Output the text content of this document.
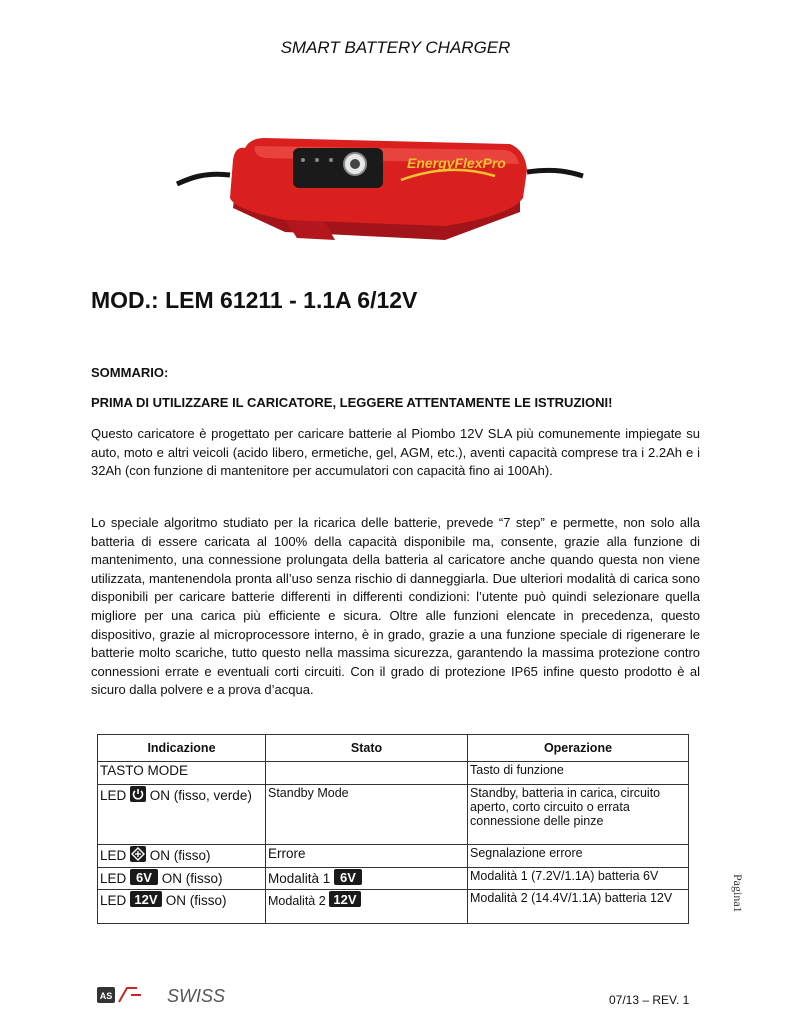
SMART BATTERY CHARGER
EnergyFlexPro
MOD.: LEM 61211 - 1.1A 6/12V
SOMMARIO:
PRIMA DI UTILIZZARE IL CARICATORE, LEGGERE ATTENTAMENTE LE ISTRUZIONI!

Questo caricatore è progettato per caricare batterie al Piombo 12V SLA più comunemente impiegate su auto, moto e altri veicoli (acido libero, ermetiche, gel, AGM, etc.), aventi capacità comprese tra i 2.2Ah e i 32Ah (con funzione di mantenitore per accumulatori con capacità fino ai 100Ah).

Lo speciale algoritmo studiato per la ricarica delle batterie, prevede “7 step” e permette, non solo alla batteria di essere caricata al 100% della capacità disponibile ma, consente, grazie alla funzione di mantenimento, una connessione prolungata della batteria al caricatore anche quando questa non viene utilizzata, mantenendola pronta all’uso senza rischio di danneggiarla. Due ulteriori modalità di carica sono disponibili per caricare batterie differenti in differenti condizioni: l’utente può quindi selezionare quella migliore per una carica più efficiente e sicura. Oltre alle funzioni elencate in precedenza, questo dispositivo, grazie al microprocessore interno, è in grado, grazie a una funzione speciale di rigenerare le batterie molto scariche, tutto questo nella massima sicurezza, garantendo la massima protezione contro connessioni errate e eventuali corti circuiti. Con il grado di protezione IP65 infine questo prodotto è al sicuro dalla polvere e a prova d’acqua.

Indicazione	Stato	Operazione
TASTO MODE		Tasto di funzione
LED ON (fisso, verde)	Standby Mode	Standby, batteria in carica, circuito aperto, corto circuito o errata connessione delle pinze
LED ON (fisso)	Errore	Segnalazione errore
LED 6V ON (fisso)	Modalità 1 6V	Modalità 1 (7.2V/1.1A) batteria 6V
LED 12V ON (fisso)	Modalità 2 12V	Modalità 2 (14.4V/1.1A) batteria 12V	Pagina1
AS	SWISS	07/13 – REV. 1
